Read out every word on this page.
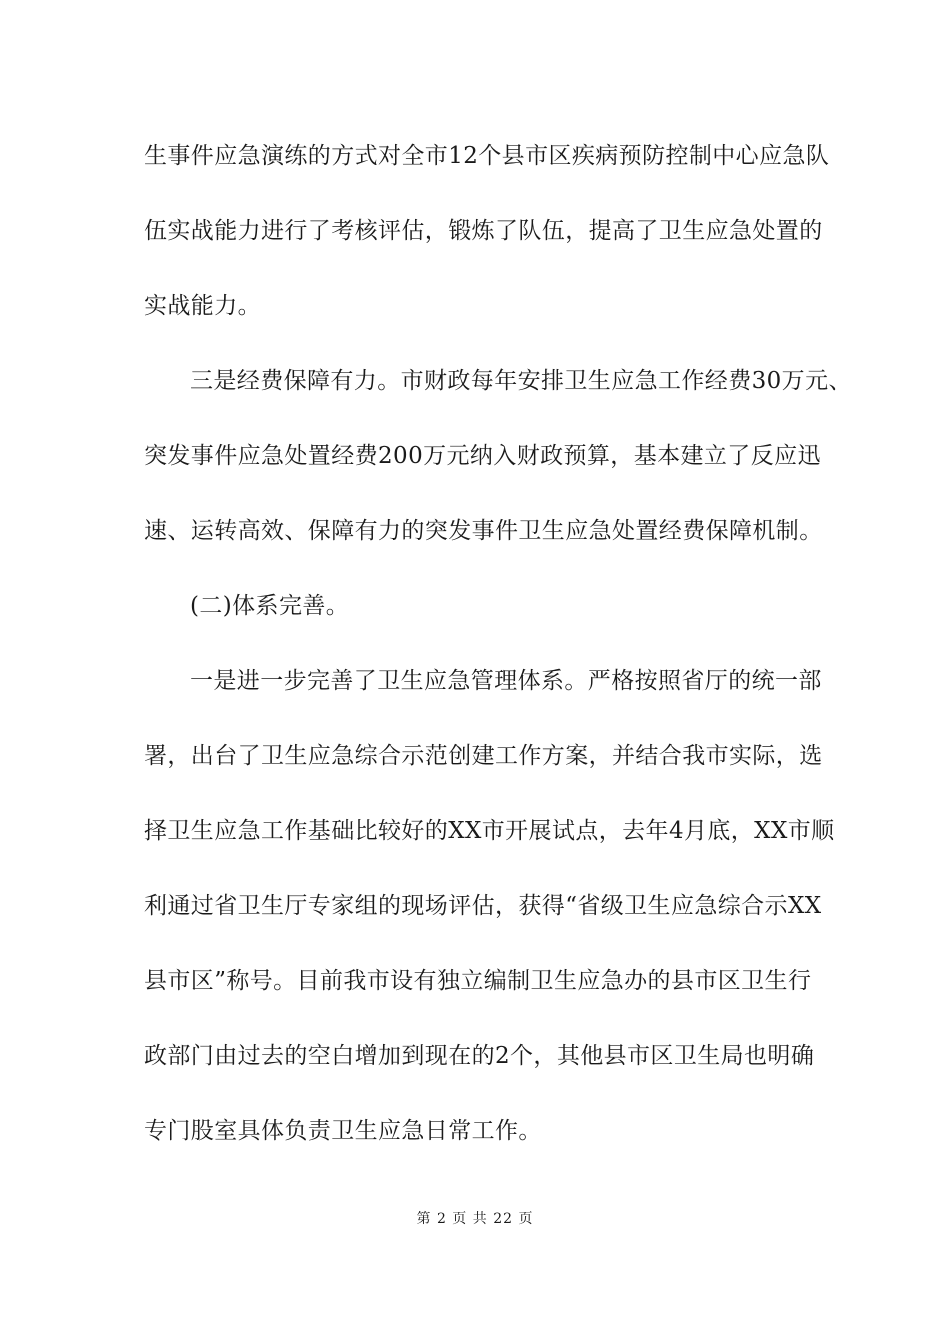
生事件应急演练的方式对全市12个县市区疾病预防控制中心应急队
伍实战能力进行了考核评估，锻炼了队伍，提高了卫生应急处置的
实战能力。
三是经费保障有力。市财政每年安排卫生应急工作经费30万元、
突发事件应急处置经费200万元纳入财政预算，基本建立了反应迅
速、运转高效、保障有力的突发事件卫生应急处置经费保障机制。
(二)体系完善。
一是进一步完善了卫生应急管理体系。严格按照省厅的统一部
署，出台了卫生应急综合示范创建工作方案，并结合我市实际，选
择卫生应急工作基础比较好的XX市开展试点，去年4月底，XX市顺
利通过省卫生厅专家组的现场评估，获得“省级卫生应急综合示XX
县市区”称号。目前我市设有独立编制卫生应急办的县市区卫生行
政部门由过去的空白增加到现在的2个，其他县市区卫生局也明确
专门股室具体负责卫生应急日常工作。
第 2 页 共 22 页
